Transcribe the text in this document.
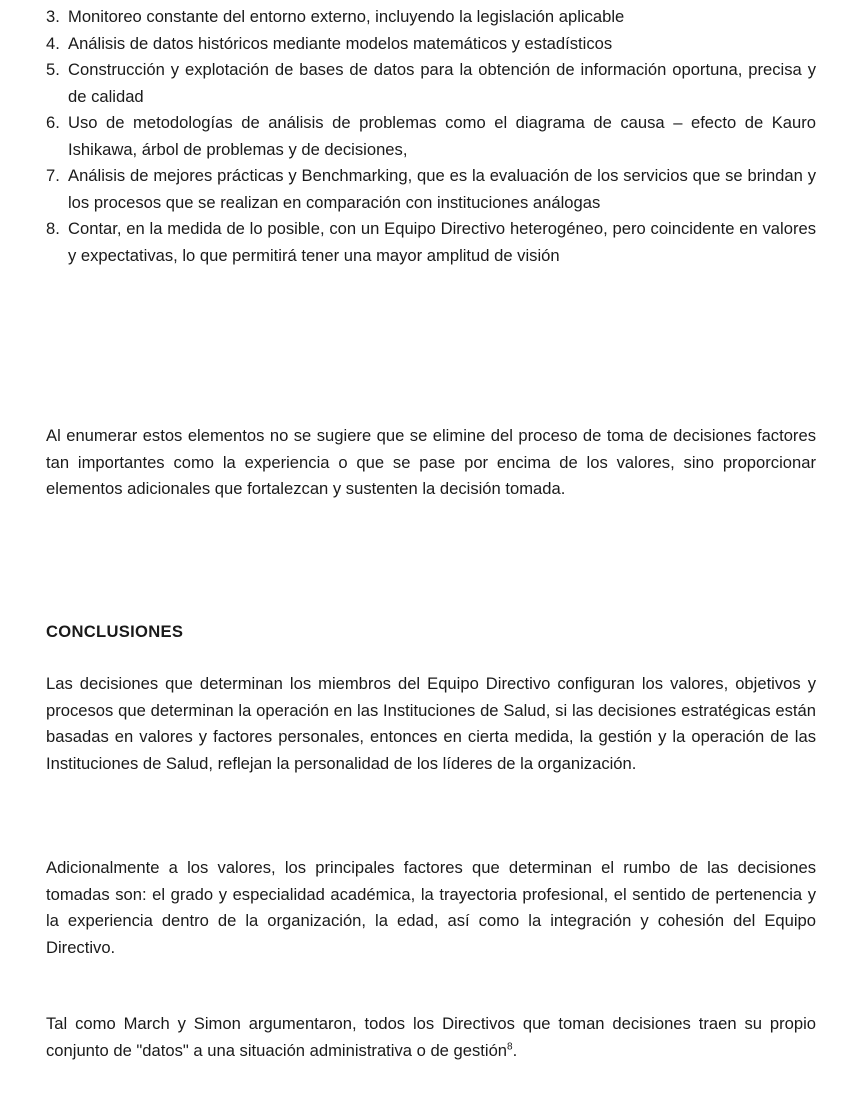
3. Monitoreo constante del entorno externo, incluyendo la legislación aplicable
4. Análisis de datos históricos mediante modelos matemáticos y estadísticos
5. Construcción y explotación de bases de datos para la obtención de información oportuna, precisa y de calidad
6. Uso de metodologías de análisis de problemas como el diagrama de causa – efecto de Kauro Ishikawa, árbol de problemas y de decisiones,
7. Análisis de mejores prácticas y Benchmarking, que es la evaluación de los servicios que se brindan y los procesos que se realizan en comparación con instituciones análogas
8. Contar, en la medida de lo posible, con un Equipo Directivo heterogéneo, pero coincidente en valores y expectativas, lo que permitirá tener una mayor amplitud de visión

Al enumerar estos elementos no se sugiere que se elimine del proceso de toma de decisiones factores tan importantes como la experiencia o que se pase por encima de los valores, sino proporcionar elementos adicionales que fortalezcan y sustenten la decisión tomada.

CONCLUSIONES

Las decisiones que determinan los miembros del Equipo Directivo configuran los valores, objetivos y procesos que determinan la operación en las Instituciones de Salud, si las decisiones estratégicas están basadas en valores y factores personales, entonces en cierta medida, la gestión y la operación de las Instituciones de Salud, reflejan la personalidad de los líderes de la organización.

Adicionalmente a los valores, los principales factores que determinan el rumbo de las decisiones tomadas son: el grado y especialidad académica, la trayectoria profesional, el sentido de pertenencia y la experiencia dentro de la organización, la edad, así como la integración y cohesión del Equipo Directivo.

Tal como March y Simon argumentaron, todos los Directivos que toman decisiones traen su propio conjunto de "datos" a una situación administrativa o de gestión$^8$.
